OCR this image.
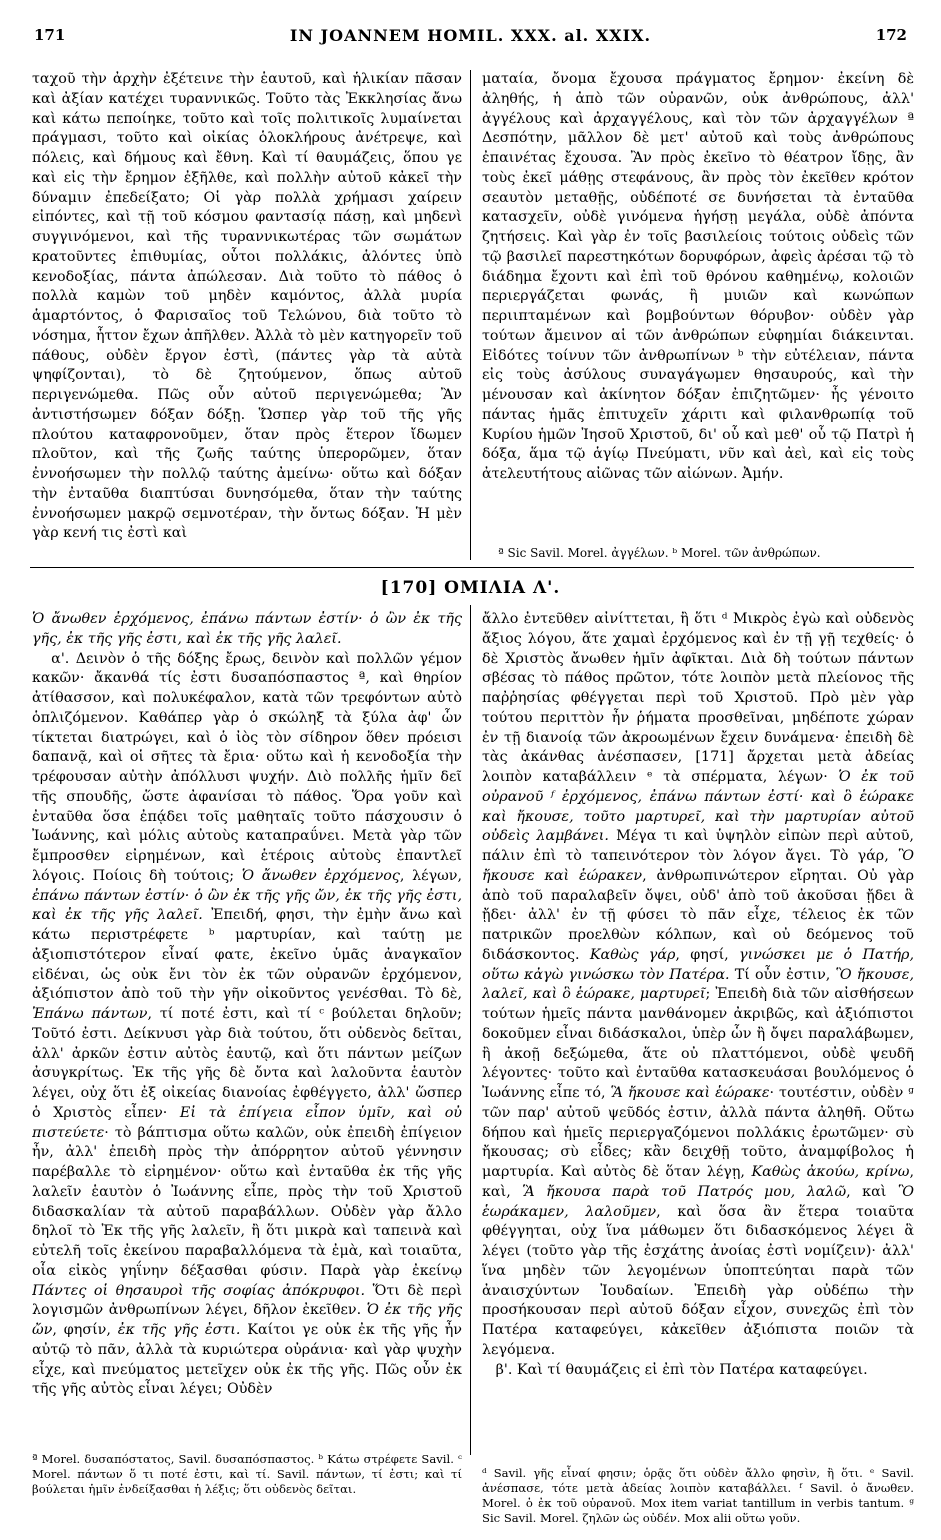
171	IN JOANNEM HOMIL. XXX. al. XXIX.	172

ταχοῦ τὴν ἀρχὴν ἐξέτεινε τὴν ἑαυτοῦ, καὶ ἡλικίαν πᾶσαν καὶ ἀξίαν κατέχει τυραννικῶς. Τοῦτο τὰς Ἐκκλησίας ἄνω καὶ κάτω πεποίηκε, τοῦτο καὶ τοῖς πολιτικοῖς λυμαίνεται πράγμασι, τοῦτο καὶ οἰκίας ὁλοκλήρους ἀνέτρεψε, καὶ πόλεις, καὶ δήμους καὶ ἔθνη. Καὶ τί θαυμάζεις, ὅπου γε καὶ εἰς τὴν ἔρημον ἐξῆλθε, καὶ πολλὴν αὐτοῦ κἀκεῖ τὴν δύναμιν ἐπεδείξατο; Οἱ γὰρ πολλὰ χρήμασι χαίρειν εἰπόντες, καὶ τῇ τοῦ κόσμου φαντασίᾳ πάσῃ, καὶ μηδενὶ συγγινόμενοι, καὶ τῆς τυραννικωτέρας τῶν σωμάτων κρατοῦντες ἐπιθυμίας, οὗτοι πολλάκις, ἁλόντες ὑπὸ κενοδοξίας, πάντα ἀπώλεσαν. Διὰ τοῦτο τὸ πάθος ὁ πολλὰ καμὼν τοῦ μηδὲν καμόντος, ἀλλὰ μυρία ἁμαρτόντος, ὁ Φαρισαῖος τοῦ Τελώνου, διὰ τοῦτο τὸ νόσημα, ἧττον ἔχων ἀπῆλθεν. Ἀλλὰ τὸ μὲν κατηγορεῖν τοῦ πάθους, οὐδὲν ἔργον ἐστὶ, (πάντες γὰρ τὰ αὐτὰ ψηφίζονται), τὸ δὲ ζητούμενον, ὅπως αὐτοῦ περιγενώμεθα. Πῶς οὖν αὐτοῦ περιγενώμεθα; Ἂν ἀντιστήσωμεν δόξαν δόξῃ. Ὥσπερ γὰρ τοῦ τῆς γῆς πλούτου καταφρονοῦμεν, ὅταν πρὸς ἕτερον ἴδωμεν πλοῦτον, καὶ τῆς ζωῆς ταύτης ὑπερορῶμεν, ὅταν ἐννοήσωμεν τὴν πολλῷ ταύτης ἀμείνω· οὕτω καὶ δόξαν τὴν ἐνταῦθα διαπτύσαι δυνησόμεθα, ὅταν τὴν ταύτης ἐννοήσωμεν μακρῷ σεμνοτέραν, τὴν ὄντως δόξαν. Ἡ μὲν γὰρ κενή τις ἐστὶ καὶ

ματαία, ὄνομα ἔχουσα πράγματος ἔρημον· ἐκείνη δὲ ἀληθής, ἡ ἀπὸ τῶν οὐρανῶν, οὐκ ἀνθρώπους, ἀλλ' ἀγγέλους καὶ ἀρχαγγέλους, καὶ τὸν τῶν ἀρχαγγέλων ª Δεσπότην, μᾶλλον δὲ μετ' αὐτοῦ καὶ τοὺς ἀνθρώπους ἐπαινέτας ἔχουσα. Ἂν πρὸς ἐκεῖνο τὸ θέατρον ἴδῃς, ἂν τοὺς ἐκεῖ μάθῃς στεφάνους, ἂν πρὸς τὸν ἐκεῖθεν κρότον σεαυτὸν μεταθῇς, οὐδέποτέ σε δυνήσεται τὰ ἐνταῦθα κατασχεῖν, οὐδὲ γινόμενα ἡγήσῃ μεγάλα, οὐδὲ ἀπόντα ζητήσεις. Καὶ γὰρ ἐν τοῖς βασιλείοις τούτοις οὐδεὶς τῶν τῷ βασιλεῖ παρεστηκότων δορυφόρων, ἀφεὶς ἀρέσαι τῷ τὸ διάδημα ἔχοντι καὶ ἐπὶ τοῦ θρόνου καθημένῳ, κολοιῶν περιεργάζεται φωνάς, ἢ μυιῶν καὶ κωνώπων περιιπταμένων καὶ βομβούντων θόρυβον· οὐδὲν γὰρ τούτων ἄμεινον αἱ τῶν ἀνθρώπων εὐφημίαι διάκεινται. Εἰδότες τοίνυν τῶν ἀνθρωπίνων ᵇ τὴν εὐτέλειαν, πάντα εἰς τοὺς ἀσύλους συναγάγωμεν θησαυρούς, καὶ τὴν μένουσαν καὶ ἀκίνητον δόξαν ἐπιζητῶμεν· ἧς γένοιτο πάντας ἡμᾶς ἐπιτυχεῖν χάριτι καὶ φιλανθρωπίᾳ τοῦ Κυρίου ἡμῶν Ἰησοῦ Χριστοῦ, δι' οὗ καὶ μεθ' οὗ τῷ Πατρὶ ἡ δόξα, ἅμα τῷ ἁγίῳ Πνεύματι, νῦν καὶ ἀεὶ, καὶ εἰς τοὺς ἀτελευτήτους αἰῶνας τῶν αἰώνων. Ἀμήν.

ª Sic Savil. Morel. ἀγγέλων. ᵇ Morel. τῶν ἀνθρώπων.
[170] ΟΜΙΛΙΑ Λ'.

Ὁ ἄνωθεν ἐρχόμενος, ἐπάνω πάντων ἐστίν· ὁ ὢν ἐκ τῆς γῆς, ἐκ τῆς γῆς ἐστι, καὶ ἐκ τῆς γῆς λαλεῖ.
α'. Δεινὸν ὁ τῆς δόξης ἔρως, δεινὸν καὶ πολλῶν γέμον κακῶν· ἄκανθά τίς ἐστι δυσαπόσπαστος ª, καὶ θηρίον ἀτίθασσον, καὶ πολυκέφαλον, κατὰ τῶν τρεφόντων αὐτὸ ὁπλιζόμενον. Καθάπερ γὰρ ὁ σκώληξ τὰ ξύλα ἀφ' ὧν τίκτεται διατρώγει, καὶ ὁ ἰὸς τὸν σίδηρον ὅθεν πρόεισι δαπανᾷ, καὶ οἱ σῆτες τὰ ἔρια· οὕτω καὶ ἡ κενοδοξία τὴν τρέφουσαν αὐτὴν ἀπόλλυσι ψυχήν. Διὸ πολλῆς ἡμῖν δεῖ τῆς σπουδῆς, ὥστε ἀφανίσαι τὸ πάθος. Ὅρα γοῦν καὶ ἐνταῦθα ὅσα ἐπᾴδει τοῖς μαθηταῖς τοῦτο πάσχουσιν ὁ Ἰωάννης, καὶ μόλις αὐτοὺς καταπραΰνει. Μετὰ γὰρ τῶν ἔμπροσθεν εἰρημένων, καὶ ἑτέροις αὐτοὺς ἐπαντλεῖ λόγοις. Ποίοις δὴ τούτοις; Ὁ ἄνωθεν ἐρχόμενος, λέγων, ἐπάνω πάντων ἐστίν· ὁ ὢν ἐκ τῆς γῆς ὤν, ἐκ τῆς γῆς ἐστι, καὶ ἐκ τῆς γῆς λαλεῖ. Ἐπειδή, φησι, τὴν ἐμὴν ἄνω καὶ κάτω περιστρέφετε ᵇ μαρτυρίαν, καὶ ταύτῃ με ἀξιοπιστότερον εἶναί φατε, ἐκεῖνο ὑμᾶς ἀναγκαῖον εἰδέναι, ὡς οὐκ ἔνι τὸν ἐκ τῶν οὐρανῶν ἐρχόμενον, ἀξιόπιστον ἀπὸ τοῦ τὴν γῆν οἰκοῦντος γενέσθαι. Τὸ δὲ, Ἐπάνω πάντων, τί ποτέ ἐστι, καὶ τί ᶜ βούλεται δηλοῦν; Τοῦτό ἐστι. Δείκνυσι γὰρ διὰ τούτου, ὅτι οὐδενὸς δεῖται, ἀλλ' ἀρκῶν ἐστιν αὐτὸς ἑαυτῷ, καὶ ὅτι πάντων μείζων ἀσυγκρίτως. Ἐκ τῆς γῆς δὲ ὄντα καὶ λαλοῦντα ἑαυτὸν λέγει, οὐχ ὅτι ἐξ οἰκείας διανοίας ἐφθέγγετο, ἀλλ' ὥσπερ ὁ Χριστὸς εἶπεν· Εἰ τὰ ἐπίγεια εἶπον ὑμῖν, καὶ οὐ πιστεύετε· τὸ βάπτισμα οὕτω καλῶν, οὐκ ἐπειδὴ ἐπίγειον ἦν, ἀλλ' ἐπειδὴ πρὸς τὴν ἀπόρρητον αὐτοῦ γέννησιν παρέβαλλε τὸ εἰρημένον· οὕτω καὶ ἐνταῦθα ἐκ τῆς γῆς λαλεῖν ἑαυτὸν ὁ Ἰωάννης εἶπε, πρὸς τὴν τοῦ Χριστοῦ διδασκαλίαν τὰ αὐτοῦ παραβάλλων. Οὐδὲν γὰρ ἄλλο δηλοῖ τὸ Ἐκ τῆς γῆς λαλεῖν, ἢ ὅτι μικρὰ καὶ ταπεινὰ καὶ εὐτελῆ τοῖς ἐκείνου παραβαλλόμενα τὰ ἐμὰ, καὶ τοιαῦτα, οἷα εἰκὸς γηΐνην δέξασθαι φύσιν. Παρὰ γὰρ ἐκείνῳ Πάντες οἱ θησαυροὶ τῆς σοφίας ἀπόκρυφοι. Ὅτι δὲ περὶ λογισμῶν ἀνθρωπίνων λέγει, δῆλον ἐκεῖθεν. Ὁ ἐκ τῆς γῆς ὤν, φησίν, ἐκ τῆς γῆς ἐστι. Καίτοι γε οὐκ ἐκ τῆς γῆς ἦν αὐτῷ τὸ πᾶν, ἀλλὰ τὰ κυριώτερα οὐράνια· καὶ γὰρ ψυχὴν εἶχε, καὶ πνεύματος μετεῖχεν οὐκ ἐκ τῆς γῆς. Πῶς οὖν ἐκ τῆς γῆς αὐτὸς εἶναι λέγει; Οὐδὲν

ἄλλο ἐντεῦθεν αἰνίττεται, ἢ ὅτι ᵈ Μικρὸς ἐγὼ καὶ οὐδενὸς ἄξιος λόγου, ἅτε χαμαὶ ἐρχόμενος καὶ ἐν τῇ γῇ τεχθείς· ὁ δὲ Χριστὸς ἄνωθεν ἡμῖν ἀφῖκται. Διὰ δὴ τούτων πάντων σβέσας τὸ πάθος πρῶτον, τότε λοιπὸν μετὰ πλείονος τῆς παῤῥησίας φθέγγεται περὶ τοῦ Χριστοῦ. Πρὸ μὲν γὰρ τούτου περιττὸν ἦν ῥήματα προσθεῖναι, μηδέποτε χώραν ἐν τῇ διανοίᾳ τῶν ἀκροωμένων ἔχειν δυνάμενα· ἐπειδὴ δὲ τὰς ἀκάνθας ἀνέσπασεν, [171] ἄρχεται μετὰ ἀδείας λοιπὸν καταβάλλειν ᵉ τὰ σπέρματα, λέγων· Ὁ ἐκ τοῦ οὐρανοῦ ᶠ ἐρχόμενος, ἐπάνω πάντων ἐστί· καὶ ὃ ἑώρακε καὶ ἤκουσε, τοῦτο μαρτυρεῖ, καὶ τὴν μαρτυρίαν αὐτοῦ οὐδεὶς λαμβάνει. Μέγα τι καὶ ὑψηλὸν εἰπὼν περὶ αὐτοῦ, πάλιν ἐπὶ τὸ ταπεινότερον τὸν λόγον ἄγει. Τὸ γάρ, Ὃ ἤκουσε καὶ ἑώρακεν, ἀνθρωπινώτερον εἴρηται. Οὐ γὰρ ἀπὸ τοῦ παραλαβεῖν ὄψει, οὐδ' ἀπὸ τοῦ ἀκοῦσαι ᾔδει ἃ ᾔδει· ἀλλ' ἐν τῇ φύσει τὸ πᾶν εἶχε, τέλειος ἐκ τῶν πατρικῶν προελθὼν κόλπων, καὶ οὐ δεόμενος τοῦ διδάσκοντος. Καθὼς γάρ, φησί, γινώσκει με ὁ Πατήρ, οὕτω κἀγὼ γινώσκω τὸν Πατέρα. Τί οὖν ἐστιν, Ὃ ἤκουσε, λαλεῖ, καὶ ὃ ἑώρακε, μαρτυρεῖ; Ἐπειδὴ διὰ τῶν αἰσθήσεων τούτων ἡμεῖς πάντα μανθάνομεν ἀκριβῶς, καὶ ἀξιόπιστοι δοκοῦμεν εἶναι διδάσκαλοι, ὑπὲρ ὧν ἢ ὄψει παραλάβωμεν, ἢ ἀκοῇ δεξώμεθα, ἅτε οὐ πλαττόμενοι, οὐδὲ ψευδῆ λέγοντες· τοῦτο καὶ ἐνταῦθα κατασκευάσαι βουλόμενος ὁ Ἰωάννης εἶπε τό, Ἃ ἤκουσε καὶ ἑώρακε· τουτέστιν, οὐδὲν ᵍ τῶν παρ' αὐτοῦ ψεῦδός ἐστιν, ἀλλὰ πάντα ἀληθῆ. Οὕτω δήπου καὶ ἡμεῖς περιεργαζόμενοι πολλάκις ἐρωτῶμεν· σὺ ἤκουσας; σὺ εἶδες; κἂν δειχθῇ τοῦτο, ἀναμφίβολος ἡ μαρτυρία. Καὶ αὐτὸς δὲ ὅταν λέγῃ, Καθὼς ἀκούω, κρίνω, καὶ, Ἃ ἤκουσα παρὰ τοῦ Πατρός μου, λαλῶ, καὶ Ὃ ἑωράκαμεν, λαλοῦμεν, καὶ ὅσα ἂν ἕτερα τοιαῦτα φθέγγηται, οὐχ ἵνα μάθωμεν ὅτι διδασκόμενος λέγει ἃ λέγει (τοῦτο γὰρ τῆς ἐσχάτης ἀνοίας ἐστὶ νομίζειν)· ἀλλ' ἵνα μηδὲν τῶν λεγομένων ὑποπτεύηται παρὰ τῶν ἀναισχύντων Ἰουδαίων. Ἐπειδὴ γὰρ οὐδέπω τὴν προσήκουσαν περὶ αὐτοῦ δόξαν εἶχον, συνεχῶς ἐπὶ τὸν Πατέρα καταφεύγει, κἀκεῖθεν ἀξιόπιστα ποιῶν τὰ λεγόμενα.
β'. Καὶ τί θαυμάζεις εἰ ἐπὶ τὸν Πατέρα καταφεύγει.

ª Morel. δυσαπόστατος, Savil. δυσαπόσπαστος. ᵇ Κάτω στρέφετε Savil. ᶜ Morel. πάντων ὅ τι ποτέ ἐστι, καὶ τί. Savil. πάντων, τί ἐστι; καὶ τί βούλεται ἡμῖν ἐνδείξασθαι ἡ λέξις; ὅτι οὐδενὸς δεῖται.
ᵈ Savil. γῆς εἶναί φησιν; ὁρᾷς ὅτι οὐδὲν ἄλλο φησὶν, ἢ ὅτι. ᵉ Savil. ἀνέσπασε, τότε μετὰ ἀδείας λοιπὸν καταβάλλει. ᶠ Savil. ὁ ἄνωθεν. Morel. ὁ ἐκ τοῦ οὐρανοῦ. Mox item variat tantillum in verbis tantum. ᵍ Sic Savil. Morel. ζηλῶν ὡς οὐδέν. Mox alii οὕτω γοῦν.
